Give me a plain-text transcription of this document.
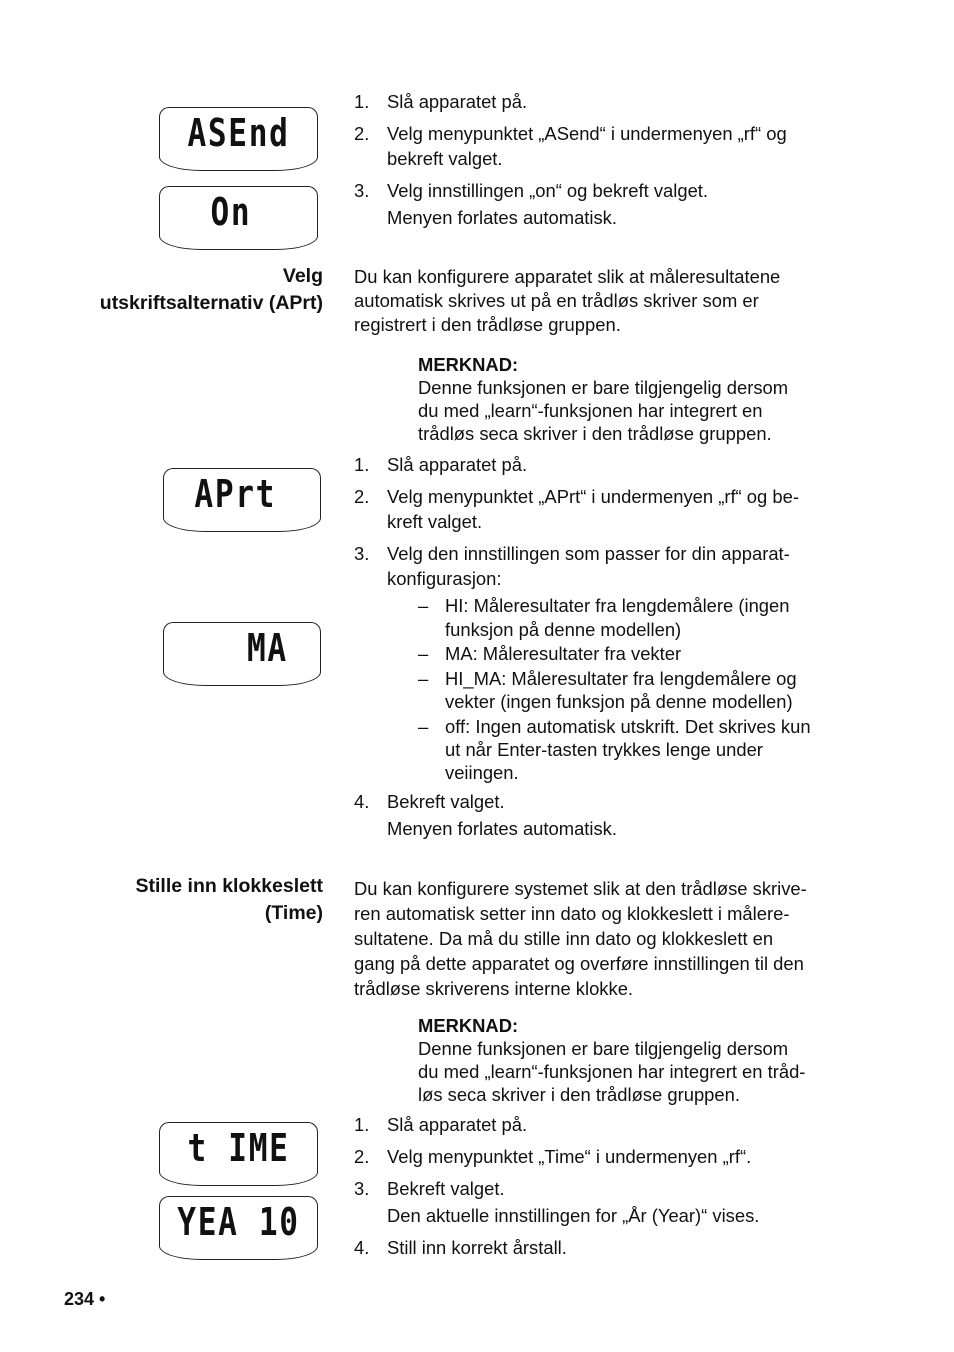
ASEnd
On
APrt
MA
t IME
YEA 10
1. Slå apparatet på.
2. Velg menypunktet „ASend“ i undermenyen „rf“ og
bekreft valget.
3. Velg innstillingen „on“ og bekreft valget.
Menyen forlates automatisk.
Velg
utskriftsalternativ (APrt)
Du kan konfigurere apparatet slik at måleresultatene
automatisk skrives ut på en trådløs skriver som er
registrert i den trådløse gruppen.
MERKNAD:
Denne funksjonen er bare tilgjengelig dersom
du med „learn“-funksjonen har integrert en
trådløs seca skriver i den trådløse gruppen.
1. Slå apparatet på.
2. Velg menypunktet „APrt“ i undermenyen „rf“ og be-
kreft valget.
3. Velg den innstillingen som passer for din apparat-
konfigurasjon:
– HI: Måleresultater fra lengdemålere (ingen
funksjon på denne modellen)
– MA: Måleresultater fra vekter
– HI_MA: Måleresultater fra lengdemålere og
vekter (ingen funksjon på denne modellen)
– off: Ingen automatisk utskrift. Det skrives kun
ut når Enter-tasten trykkes lenge under
veiingen.
4. Bekreft valget.
Menyen forlates automatisk.
Stille inn klokkeslett
(Time)
Du kan konfigurere systemet slik at den trådløse skrive-
ren automatisk setter inn dato og klokkeslett i målere-
sultatene. Da må du stille inn dato og klokkeslett en
gang på dette apparatet og overføre innstillingen til den
trådløse skriverens interne klokke.
MERKNAD:
Denne funksjonen er bare tilgjengelig dersom
du med „learn“-funksjonen har integrert en tråd-
løs seca skriver i den trådløse gruppen.
1. Slå apparatet på.
2. Velg menypunktet „Time“ i undermenyen „rf“.
3. Bekreft valget.
Den aktuelle innstillingen for „År (Year)“ vises.
4. Still inn korrekt årstall.
234 •
